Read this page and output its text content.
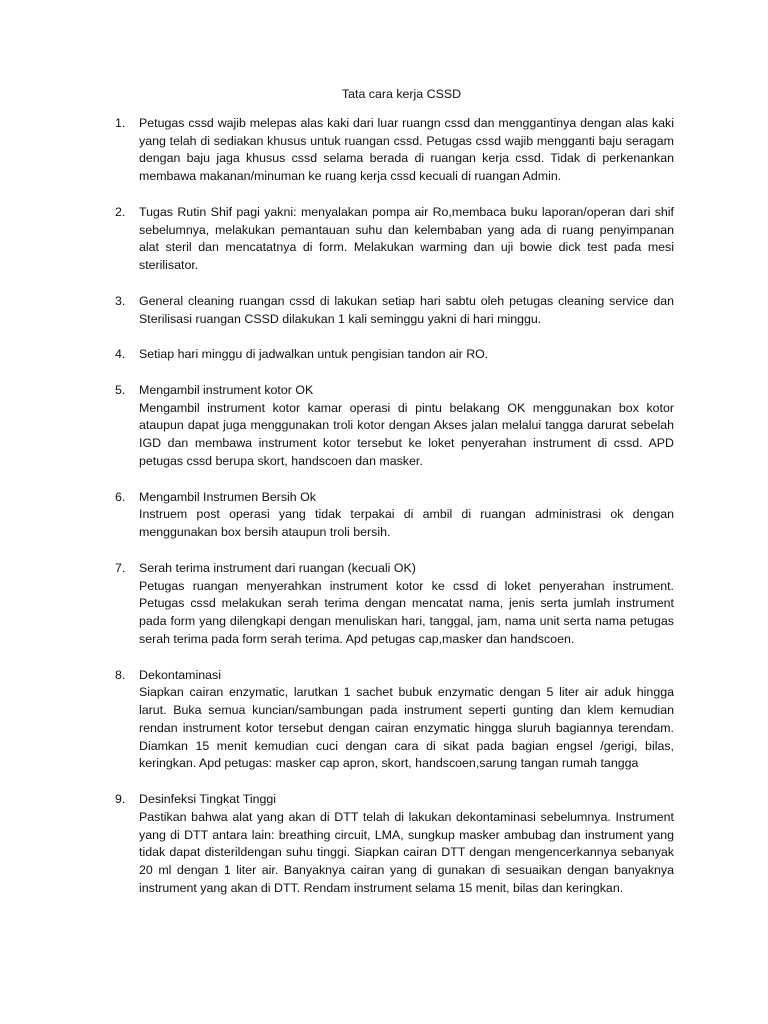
Tata cara kerja CSSD
1. Petugas cssd wajib melepas alas kaki dari luar ruangn cssd dan menggantinya dengan alas kaki yang telah di sediakan khusus untuk ruangan cssd. Petugas cssd wajib mengganti baju seragam dengan baju jaga khusus cssd selama berada di ruangan kerja cssd. Tidak di perkenankan membawa makanan/minuman ke ruang kerja cssd kecuali di ruangan Admin.
2. Tugas Rutin Shif pagi yakni: menyalakan pompa air Ro,membaca buku laporan/operan dari shif sebelumnya, melakukan pemantauan suhu dan kelembaban yang ada di ruang penyimpanan alat steril dan mencatatnya di form. Melakukan warming dan uji bowie dick test pada mesi sterilisator.
3. General cleaning ruangan cssd di lakukan setiap hari sabtu oleh petugas cleaning service dan Sterilisasi ruangan CSSD dilakukan 1 kali seminggu yakni di hari minggu.
4. Setiap hari minggu di jadwalkan untuk pengisian tandon air RO.
5. Mengambil instrument kotor OK
Mengambil instrument kotor kamar operasi di pintu belakang OK menggunakan box kotor ataupun dapat juga menggunakan troli kotor dengan Akses jalan melalui tangga darurat sebelah IGD dan membawa instrument kotor tersebut ke loket penyerahan instrument di cssd. APD petugas cssd berupa skort, handscoen dan masker.
6. Mengambil Instrumen Bersih Ok
Instruem post operasi yang tidak terpakai di ambil di ruangan administrasi ok dengan menggunakan box bersih ataupun troli bersih.
7. Serah terima instrument dari ruangan (kecuali OK)
Petugas ruangan menyerahkan instrument kotor ke cssd di loket penyerahan instrument. Petugas cssd melakukan serah terima dengan mencatat nama, jenis serta jumlah instrument pada form yang dilengkapi dengan menuliskan hari, tanggal, jam, nama unit serta nama petugas serah terima pada form serah terima. Apd petugas cap,masker dan handscoen.
8. Dekontaminasi
Siapkan cairan enzymatic, larutkan 1 sachet bubuk enzymatic dengan 5 liter air aduk hingga larut. Buka semua kuncian/sambungan pada instrument seperti gunting dan klem kemudian rendan instrument kotor tersebut dengan cairan enzymatic hingga sluruh bagiannya terendam. Diamkan 15 menit kemudian cuci dengan cara di sikat pada bagian engsel /gerigi, bilas, keringkan. Apd petugas: masker cap apron, skort, handscoen,sarung tangan rumah tangga
9. Desinfeksi Tingkat Tinggi
Pastikan bahwa alat yang akan di DTT telah di lakukan dekontaminasi sebelumnya. Instrument yang di DTT antara lain: breathing circuit, LMA, sungkup masker ambubag dan instrument yang tidak dapat disterildengan suhu tinggi. Siapkan cairan DTT dengan mengencerkannya sebanyak 20 ml dengan 1 liter air. Banyaknya cairan yang di gunakan di sesuaikan dengan banyaknya instrument yang akan di DTT. Rendam instrument selama 15 menit, bilas dan keringkan.
